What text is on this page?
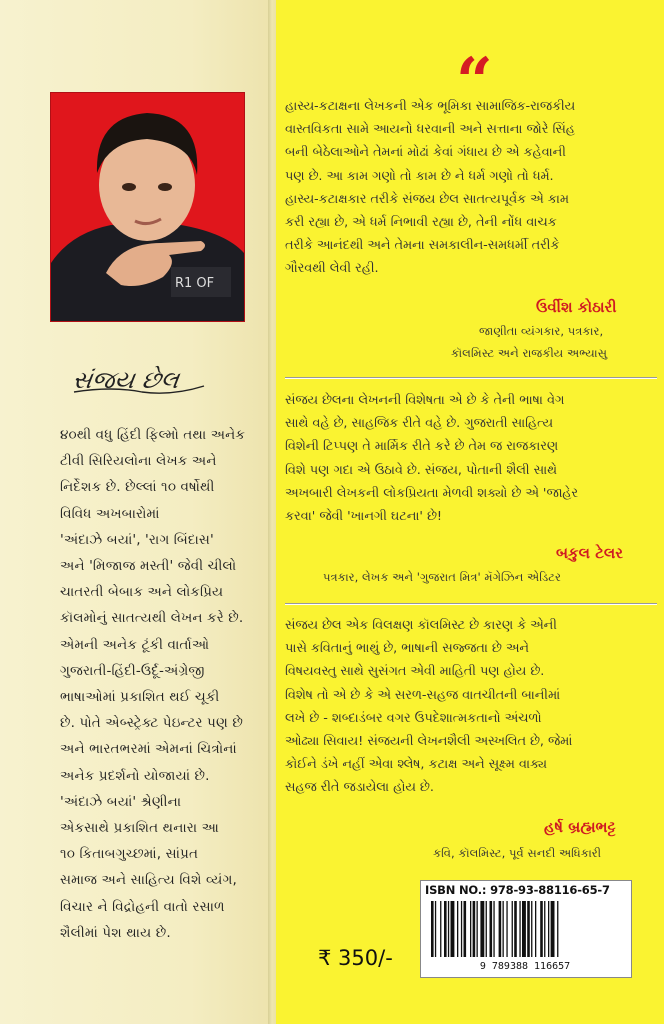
R1 OF
સંજય છેલ
૪૦થી વધુ હિંદી ફિલ્મો તથા અનેક
ટીવી સિરિયલોના લેખક અને
નિર્દેશક છે. છેલ્લાં ૧૦ વર્ષોથી
વિવિધ અખબારોમાં
'અંદાઝે બયાં', 'રાગ બિંદાસ'
અને 'મિજાજ મસ્તી' જેવી ચીલો
ચાતરતી બેબાક અને લોકપ્રિય
કૉલમોનું સાતત્યથી લેખન કરે છે.
એમની અનેક ટૂંકી વાર્તાઓ
ગુજરાતી-હિંદી-ઉર્દૂ-અંગ્રેજી
ભાષાઓમાં પ્રકાશિત થઈ ચૂકી
છે. પોતે એબ્સ્ટ્રેક્ટ પેઇન્ટર પણ છે
અને ભારતભરમાં એમનાં ચિત્રોનાં
અનેક પ્રદર્શનો યોજાયાં છે.
'અંદાઝે બયાં' શ્રેણીના
એકસાથે પ્રકાશિત થનારા આ
૧૦ કિતાબગુચ્છમાં, સાંપ્રત
સમાજ અને સાહિત્ય વિશે વ્યંગ,
વિચાર ને વિદ્રોહની વાતો રસાળ
શૈલીમાં પેશ થાય છે.
“
હાસ્ય-કટાક્ષના લેખકની એક ભૂમિકા સામાજિક-રાજકીય
વાસ્તવિકતા સામે આયનો ધરવાની અને સત્તાના જોરે સિંહ
બની બેઠેલાઓને તેમનાં મોઢાં કેવાં ગંધાય છે એ કહેવાની
પણ છે. આ કામ ગણો તો કામ છે ને ધર્મ ગણો તો ધર્મ.
હાસ્ય-કટાક્ષકાર તરીકે સંજય છેલ સાતત્યપૂર્વક એ કામ
કરી રહ્યા છે, એ ધર્મ નિભાવી રહ્યા છે, તેની નોંધ વાચક
તરીકે આનંદથી અને તેમના સમકાલીન-સમધર્મી તરીકે
ગૌરવથી લેવી રહી.
ઉર્વીશ કોઠારી
જાણીતા વ્યંગકાર, પત્રકાર,
કૉલમિસ્ટ અને રાજકીય અભ્યાસુ
સંજય છેલના લેખનની વિશેષતા એ છે કે તેની ભાષા વેગ
સાથે વહે છે, સાહજિક રીતે વહે છે. ગુજરાતી સાહિત્ય
વિશેની ટિપ્પણ તે માર્મિક રીતે કરે છે તેમ જ રાજકારણ
વિશે પણ ગદા એ ઉઠાવે છે. સંજય, પોતાની શૈલી સાથે
અખબારી લેખકની લોકપ્રિયતા મેળવી શક્યો છે એ 'જાહેર
કરવા' જેવી 'ખાનગી ઘટના' છે!
બકુલ ટેલર
પત્રકાર, લેખક અને 'ગુજરાત મિત્ર' મૅગેઝિન એડિટર
સંજય છેલ એક વિલક્ષણ કૉલમિસ્ટ છે કારણ કે એની
પાસે કવિતાનું ભાથું છે, ભાષાની સજ્જતા છે અને
વિષયવસ્તુ સાથે સુસંગત એવી માહિતી પણ હોય છે.
વિશેષ તો એ છે કે એ સરળ-સહજ વાતચીતની બાનીમાં
લખે છે - શબ્દાડંબર વગર ઉપદેશાત્મકતાનો અંચળો
ઓઢ્યા સિવાય! સંજયની લેખનશૈલી અસ્ખલિત છે, જેમાં
કોઈને ડંખે નહીં એવા શ્લેષ, કટાક્ષ અને સૂક્ષ્મ વાક્ય
સહજ રીતે જડાયેલા હોય છે.
હર્ષ બ્રહ્મભટ્ટ
કવિ, કૉલમિસ્ટ, પૂર્વ સનદી અધિકારી
ISBN NO.: 978-93-88116-65-7
9 789388 116657
₹ 350/-
